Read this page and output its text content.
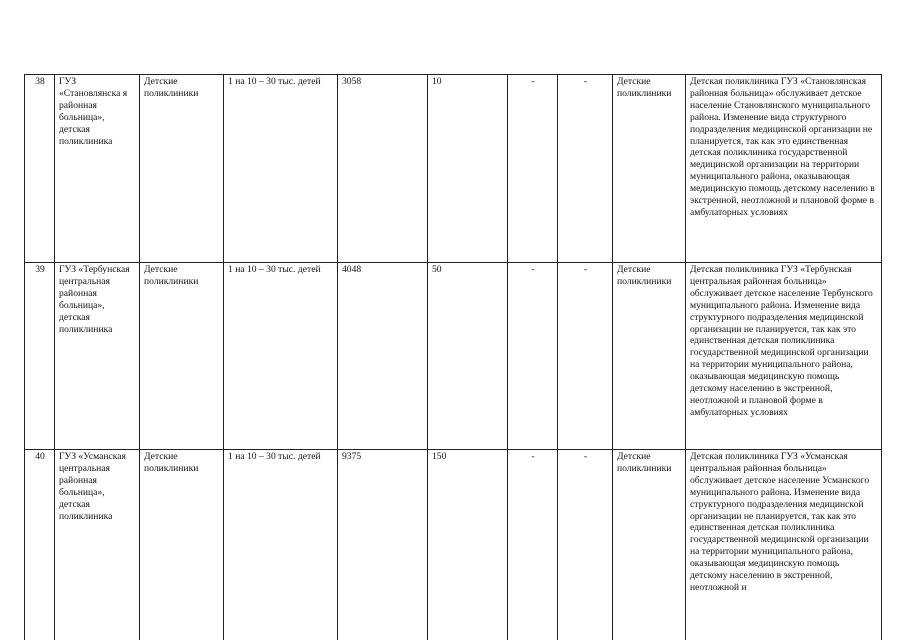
38	ГУЗ «Становлянска я районная больница», детская поликлиника	Детские поликлиники	1 на 10 – 30 тыс. детей	3058	10	-	-	Детские поликлиники	Детская поликлиника ГУЗ «Становлянская районная больница» обслуживает детское население Становлянского муниципального района. Изменение вида структурного подразделения медицинской организации не планируется, так как это единственная детская поликлиника государственной медицинской организации на территории муниципального района, оказывающая медицинскую помощь детскому населению в экстренной, неотложной и плановой форме в амбулаторных условиях
39	ГУЗ «Тербунская центральная районная больница», детская поликлиника	Детские поликлиники	1 на 10 – 30 тыс. детей	4048	50	-	-	Детские поликлиники	Детская поликлиника ГУЗ «Тербунская центральная районная больница» обслуживает детское население Тербунского муниципального района. Изменение вида структурного подразделения медицинской организации не планируется, так как это единственная детская поликлиника государственной медицинской организации на территории муниципального района, оказывающая медицинскую помощь детскому населению в экстренной, неотложной и плановой форме в амбулаторных условиях
40	ГУЗ «Усманская центральная районная больница», детская поликлиника	Детские поликлиники	1 на 10 – 30 тыс. детей	9375	150	-	-	Детские поликлиники	Детская поликлиника ГУЗ «Усманская центральная районная больница» обслуживает детское население Усманского муниципального района. Изменение вида структурного подразделения медицинской организации не планируется, так как это единственная детская поликлиника государственной медицинской организации на территории муниципального района, оказывающая медицинскую помощь детскому населению в экстренной, неотложной и
